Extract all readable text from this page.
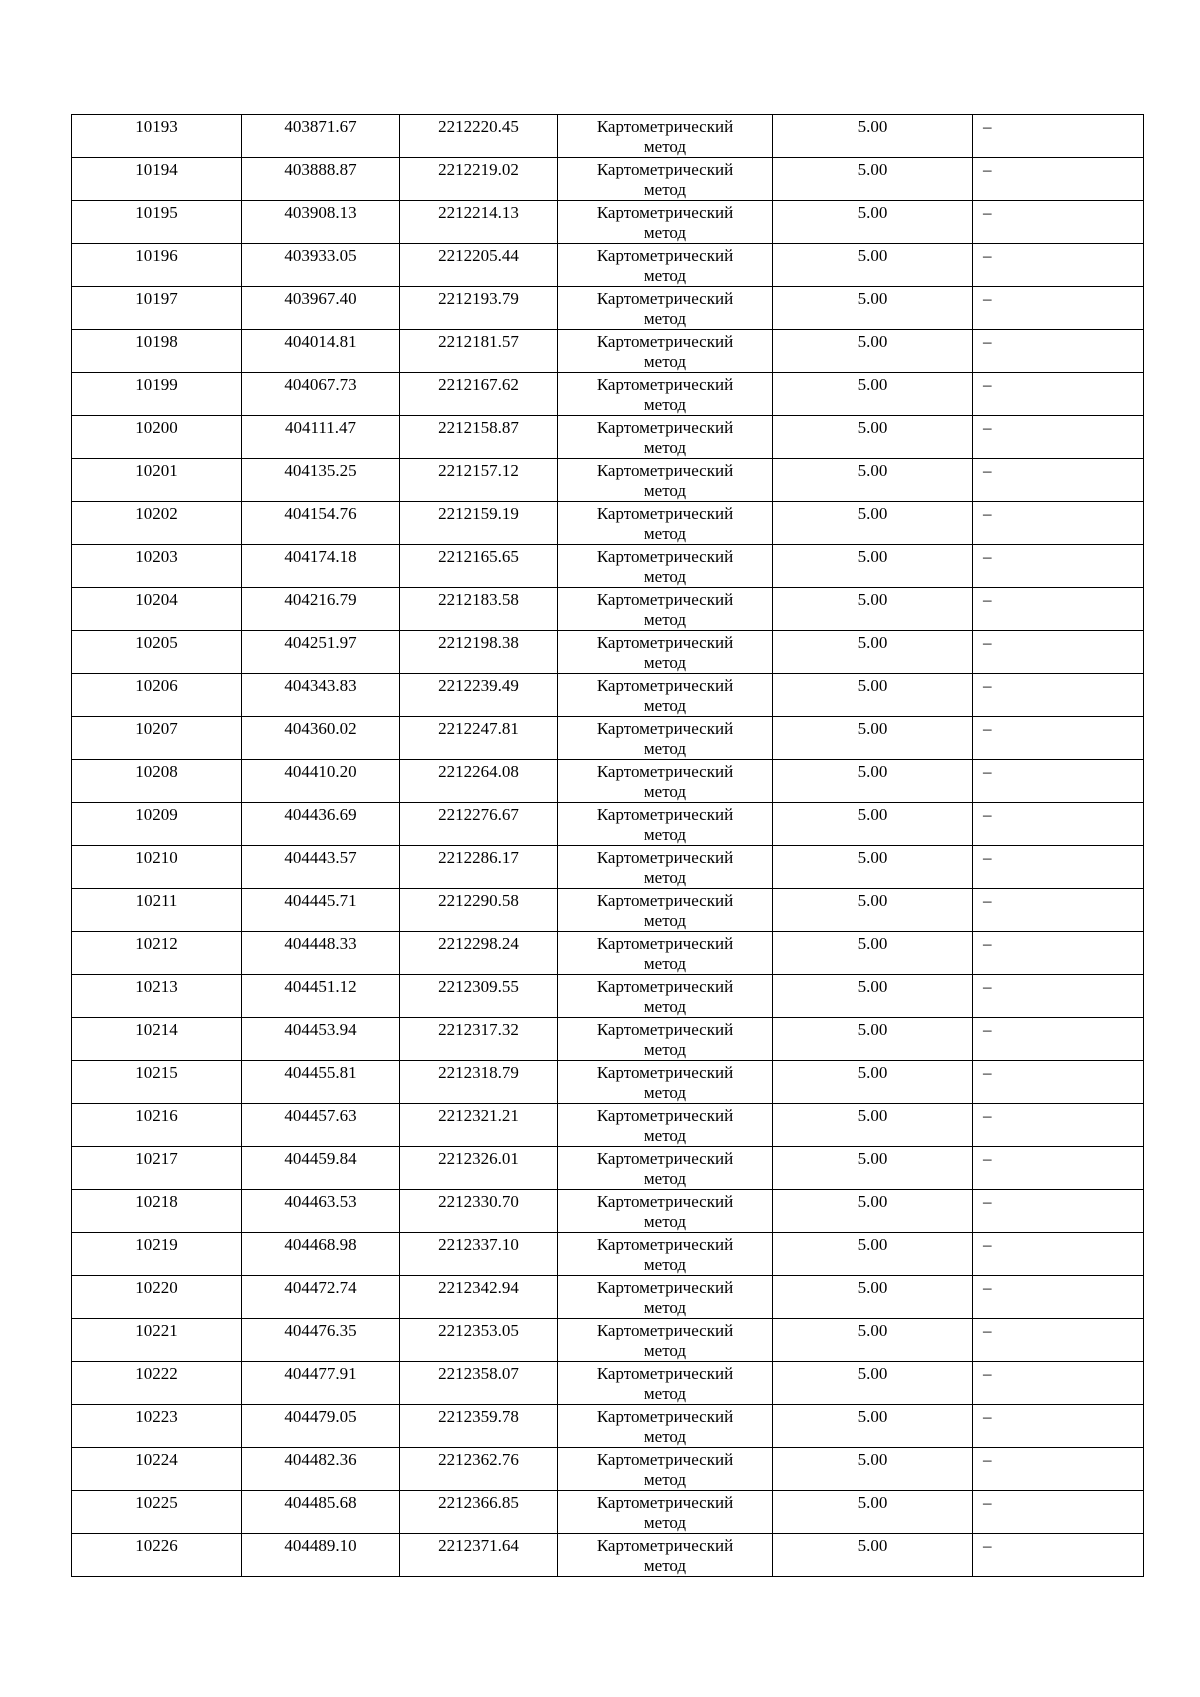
10193	403871.67	2212220.45	Картометрический
метод	5.00	–

10194	403888.87	2212219.02	Картометрический
метод	5.00	–

10195	403908.13	2212214.13	Картометрический
метод	5.00	–

10196	403933.05	2212205.44	Картометрический
метод	5.00	–

10197	403967.40	2212193.79	Картометрический
метод	5.00	–

10198	404014.81	2212181.57	Картометрический
метод	5.00	–

10199	404067.73	2212167.62	Картометрический
метод	5.00	–

10200	404111.47	2212158.87	Картометрический
метод	5.00	–

10201	404135.25	2212157.12	Картометрический
метод	5.00	–

10202	404154.76	2212159.19	Картометрический
метод	5.00	–

10203	404174.18	2212165.65	Картометрический
метод	5.00	–

10204	404216.79	2212183.58	Картометрический
метод	5.00	–

10205	404251.97	2212198.38	Картометрический
метод	5.00	–

10206	404343.83	2212239.49	Картометрический
метод	5.00	–

10207	404360.02	2212247.81	Картометрический
метод	5.00	–

10208	404410.20	2212264.08	Картометрический
метод	5.00	–

10209	404436.69	2212276.67	Картометрический
метод	5.00	–

10210	404443.57	2212286.17	Картометрический
метод	5.00	–

10211	404445.71	2212290.58	Картометрический
метод	5.00	–

10212	404448.33	2212298.24	Картометрический
метод	5.00	–

10213	404451.12	2212309.55	Картометрический
метод	5.00	–

10214	404453.94	2212317.32	Картометрический
метод	5.00	–

10215	404455.81	2212318.79	Картометрический
метод	5.00	–

10216	404457.63	2212321.21	Картометрический
метод	5.00	–

10217	404459.84	2212326.01	Картометрический
метод	5.00	–

10218	404463.53	2212330.70	Картометрический
метод	5.00	–

10219	404468.98	2212337.10	Картометрический
метод	5.00	–

10220	404472.74	2212342.94	Картометрический
метод	5.00	–

10221	404476.35	2212353.05	Картометрический
метод	5.00	–

10222	404477.91	2212358.07	Картометрический
метод	5.00	–

10223	404479.05	2212359.78	Картометрический
метод	5.00	–

10224	404482.36	2212362.76	Картометрический
метод	5.00	–

10225	404485.68	2212366.85	Картометрический
метод	5.00	–

10226	404489.10	2212371.64	Картометрический
метод	5.00	–
